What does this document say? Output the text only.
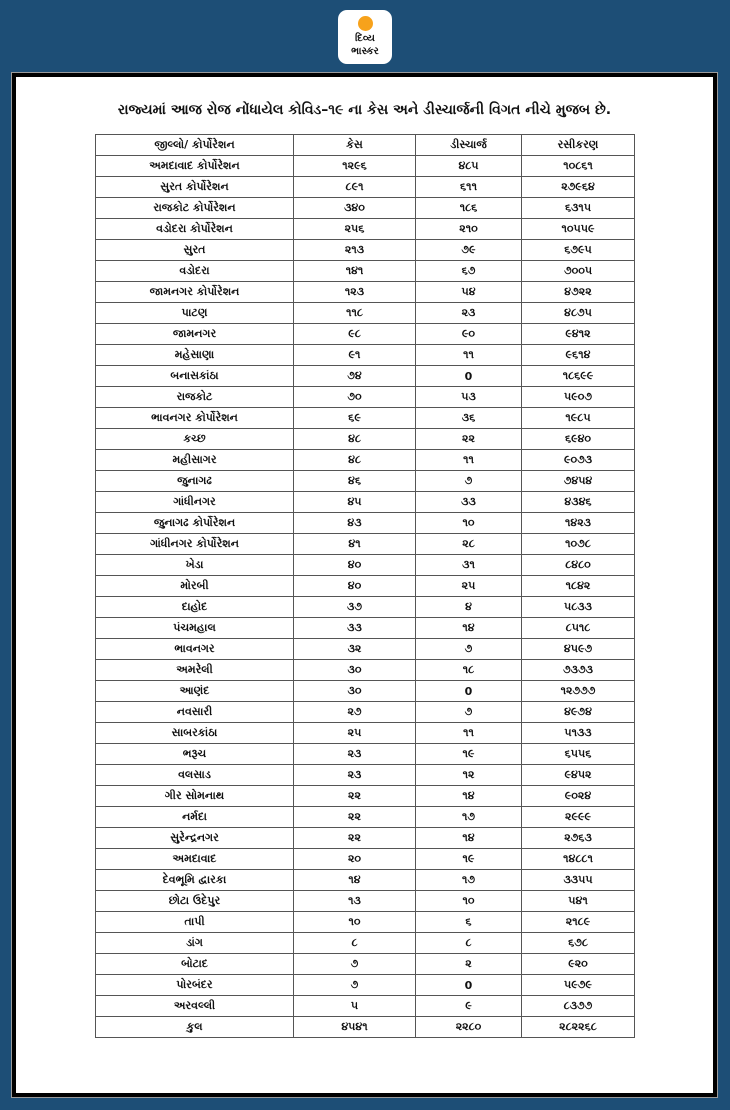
દિવ્ય
ભાસ્કર
રાજ્યમાં આજ રોજ નોંધાયેલ કોવિડ–૧૯ ના કેસ અને ડીસ્ચાર્જની વિગત નીચે મુજબ છે.
જીલ્લો/ કોર્પોરેશન	કેસ	ડીસ્ચાર્જ	રસીકરણ
અમદાવાદ કોર્પોરેશન	૧૨૯૬	૪૮૫	૧૦૮૬૧
સુરત કોર્પોરેશન	૮૯૧	૬૧૧	૨૭૯૬૪
રાજકોટ કોર્પોરેશન	૩૪૦	૧૮૬	૬૩૧૫
વડોદરા કોર્પોરેશન	૨૫૬	૨૧૦	૧૦૫૫૯
સુરત	૨૧૩	૭૯	૬૭૯૫
વડોદરા	૧૪૧	૬૭	૭૦૦૫
જામનગર કોર્પોરેશન	૧૨૩	૫૪	૪૭૨૨
પાટણ	૧૧૮	૨૩	૪૮૭૫
જામનગર	૯૮	૯૦	૯૪૧૨
મહેસાણા	૯૧	૧૧	૯૬૧૪
બનાસકાંઠા	૭૪	0	૧૮૬૯૯
રાજકોટ	૭૦	૫૩	૫૯૦૭
ભાવનગર કોર્પોરેશન	૬૯	૩૬	૧૯૮૫
કચ્છ	૪૮	૨૨	૬૯૪૦
મહીસાગર	૪૮	૧૧	૯૦૭૩
જુનાગઢ	૪૬	૭	૭૪૫૪
ગાંધીનગર	૪૫	૩૩	૪૩૪૬
જુનાગઢ કોર્પોરેશન	૪૩	૧૦	૧૪૨૩
ગાંધીનગર કોર્પોરેશન	૪૧	૨૮	૧૦૭૮
ખેડા	૪૦	૩૧	૮૪૮૦
મોરબી	૪૦	૨૫	૧૮૪૨
દાહોદ	૩૭	૪	૫૮૩૩
પંચમહાલ	૩૩	૧૪	૮૫૧૮
ભાવનગર	૩૨	૭	૪૫૯૭
અમરેલી	૩૦	૧૮	૭૩૭૩
આણંદ	૩૦	0	૧૨૭૭૭
નવસારી	૨૭	૭	૪૯૭૪
સાબરકાંઠા	૨૫	૧૧	૫૧૩૩
ભરૂચ	૨૩	૧૯	૬૫૫૬
વલસાડ	૨૩	૧૨	૯૪૫૨
ગીર સોમનાથ	૨૨	૧૪	૯૦૨૪
નર્મદા	૨૨	૧૭	૨૯૯૯
સુરેન્દ્રનગર	૨૨	૧૪	૨૭૬૩
અમદાવાદ	૨૦	૧૯	૧૪૮૮૧
દેવભૂમિ દ્વારકા	૧૪	૧૭	૩૩૫૫
છોટા ઉદેપુર	૧૩	૧૦	૫૪૧
તાપી	૧૦	૬	૨૧૮૯
ડાંગ	૮	૮	૬૭૮
બોટાદ	૭	૨	૯૨૦
પોરબંદર	૭	0	૫૯૭૯
અરવલ્લી	૫	૯	૮૩૭૭
કુલ	૪૫૪૧	૨૨૮૦	૨૮૨૨૬૮
